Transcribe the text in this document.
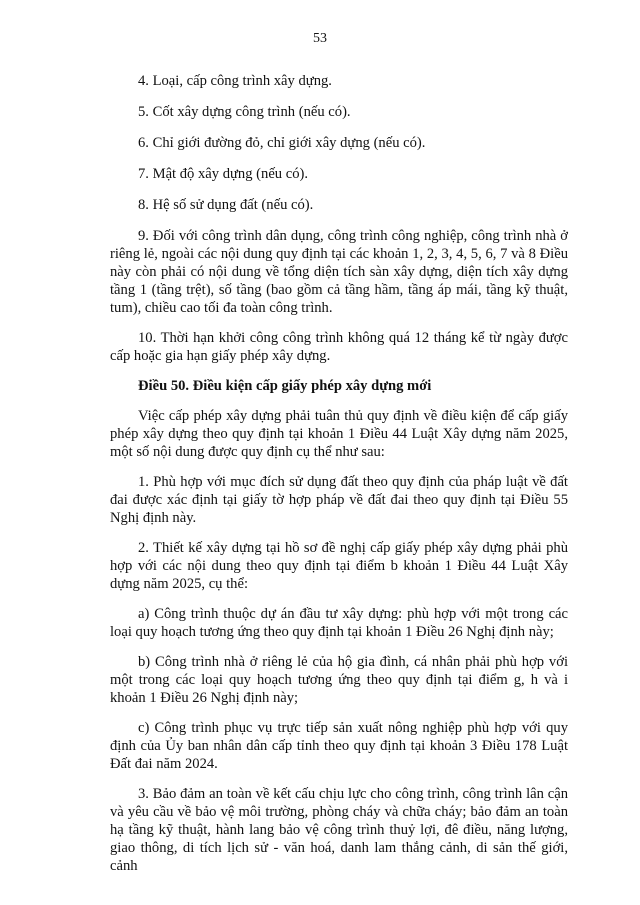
53

4. Loại, cấp công trình xây dựng.

5. Cốt xây dựng công trình (nếu có).

6. Chỉ giới đường đỏ, chỉ giới xây dựng (nếu có).

7. Mật độ xây dựng (nếu có).

8. Hệ số sử dụng đất (nếu có).

9. Đối với công trình dân dụng, công trình công nghiệp, công trình nhà ở riêng lẻ, ngoài các nội dung quy định tại các khoản 1, 2, 3, 4, 5, 6, 7 và 8 Điều này còn phải có nội dung về tổng diện tích sàn xây dựng, diện tích xây dựng tầng 1 (tầng trệt), số tầng (bao gồm cả tầng hầm, tầng áp mái, tầng kỹ thuật, tum), chiều cao tối đa toàn công trình.

10. Thời hạn khởi công công trình không quá 12 tháng kể từ ngày được cấp hoặc gia hạn giấy phép xây dựng.

Điều 50. Điều kiện cấp giấy phép xây dựng mới

Việc cấp phép xây dựng phải tuân thủ quy định về điều kiện để cấp giấy phép xây dựng theo quy định tại khoản 1 Điều 44 Luật Xây dựng năm 2025, một số nội dung được quy định cụ thể như sau:

1. Phù hợp với mục đích sử dụng đất theo quy định của pháp luật về đất đai được xác định tại giấy tờ hợp pháp về đất đai theo quy định tại Điều 55 Nghị định này.

2. Thiết kế xây dựng tại hồ sơ đề nghị cấp giấy phép xây dựng phải phù hợp với các nội dung theo quy định tại điểm b khoản 1 Điều 44 Luật Xây dựng năm 2025, cụ thể:

a) Công trình thuộc dự án đầu tư xây dựng: phù hợp với một trong các loại quy hoạch tương ứng theo quy định tại khoản 1 Điều 26 Nghị định này;

b) Công trình nhà ở riêng lẻ của hộ gia đình, cá nhân phải phù hợp với một trong các loại quy hoạch tương ứng theo quy định tại điểm g, h và i khoản 1 Điều 26 Nghị định này;

c) Công trình phục vụ trực tiếp sản xuất nông nghiệp phù hợp với quy định của Ủy ban nhân dân cấp tỉnh theo quy định tại khoản 3 Điều 178 Luật Đất đai năm 2024.

3. Bảo đảm an toàn về kết cấu chịu lực cho công trình, công trình lân cận và yêu cầu về bảo vệ môi trường, phòng cháy và chữa cháy; bảo đảm an toàn hạ tầng kỹ thuật, hành lang bảo vệ công trình thuỷ lợi, đê điều, năng lượng, giao thông, di tích lịch sử - văn hoá, danh lam thắng cảnh, di sản thế giới, cảnh
